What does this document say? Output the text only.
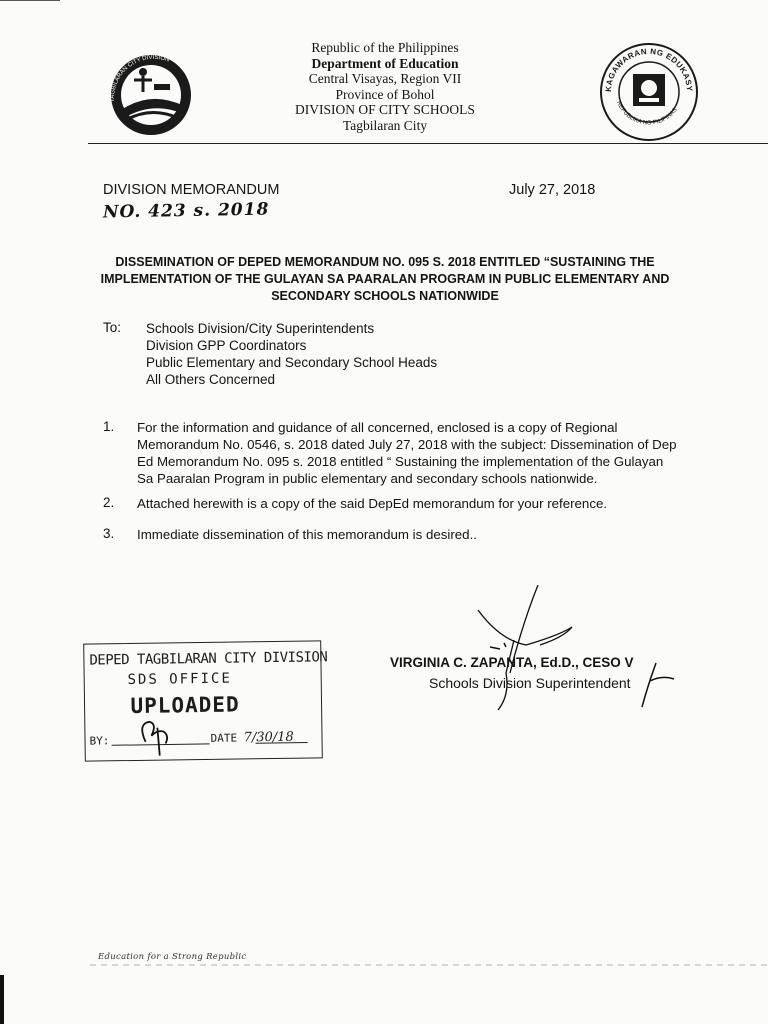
TAGBILARAN CITY DIVISION
Republic of the Philippines
Department of Education
Central Visayas, Region VII
Province of Bohol
DIVISION OF CITY SCHOOLS
Tagbilaran City
KAGAWARAN NG EDUKASY
REPUBLIKA NG PILIPINAS
DIVISION MEMORANDUM	July 27, 2018
NO. 423 s. 2018
DISSEMINATION OF DEPED MEMORANDUM NO. 095 S. 2018 ENTITLED “SUSTAINING THE IMPLEMENTATION OF THE GULAYAN SA PAARALAN PROGRAM IN PUBLIC ELEMENTARY AND SECONDARY SCHOOLS NATIONWIDE
To: Schools Division/City Superintendents
Division GPP Coordinators
Public Elementary and Secondary School Heads
All Others Concerned
1. For the information and guidance of all concerned, enclosed is a copy of Regional Memorandum No. 0546, s. 2018 dated July 27, 2018 with the subject: Dissemination of Dep Ed Memorandum No. 095 s. 2018 entitled “ Sustaining the implementation of the Gulayan Sa Paaralan Program in public elementary and secondary schools nationwide.
2. Attached herewith is a copy of the said DepEd memorandum for your reference.
3. Immediate dissemination of this memorandum is desired..
DEPED TAGBILARAN CITY DIVISION
SDS OFFICE
UPLOADED
BY:	DATE 7/30/18
VIRGINIA C. ZAPANTA, Ed.D., CESO V
Schools Division Superintendent
Education for a Strong Republic
